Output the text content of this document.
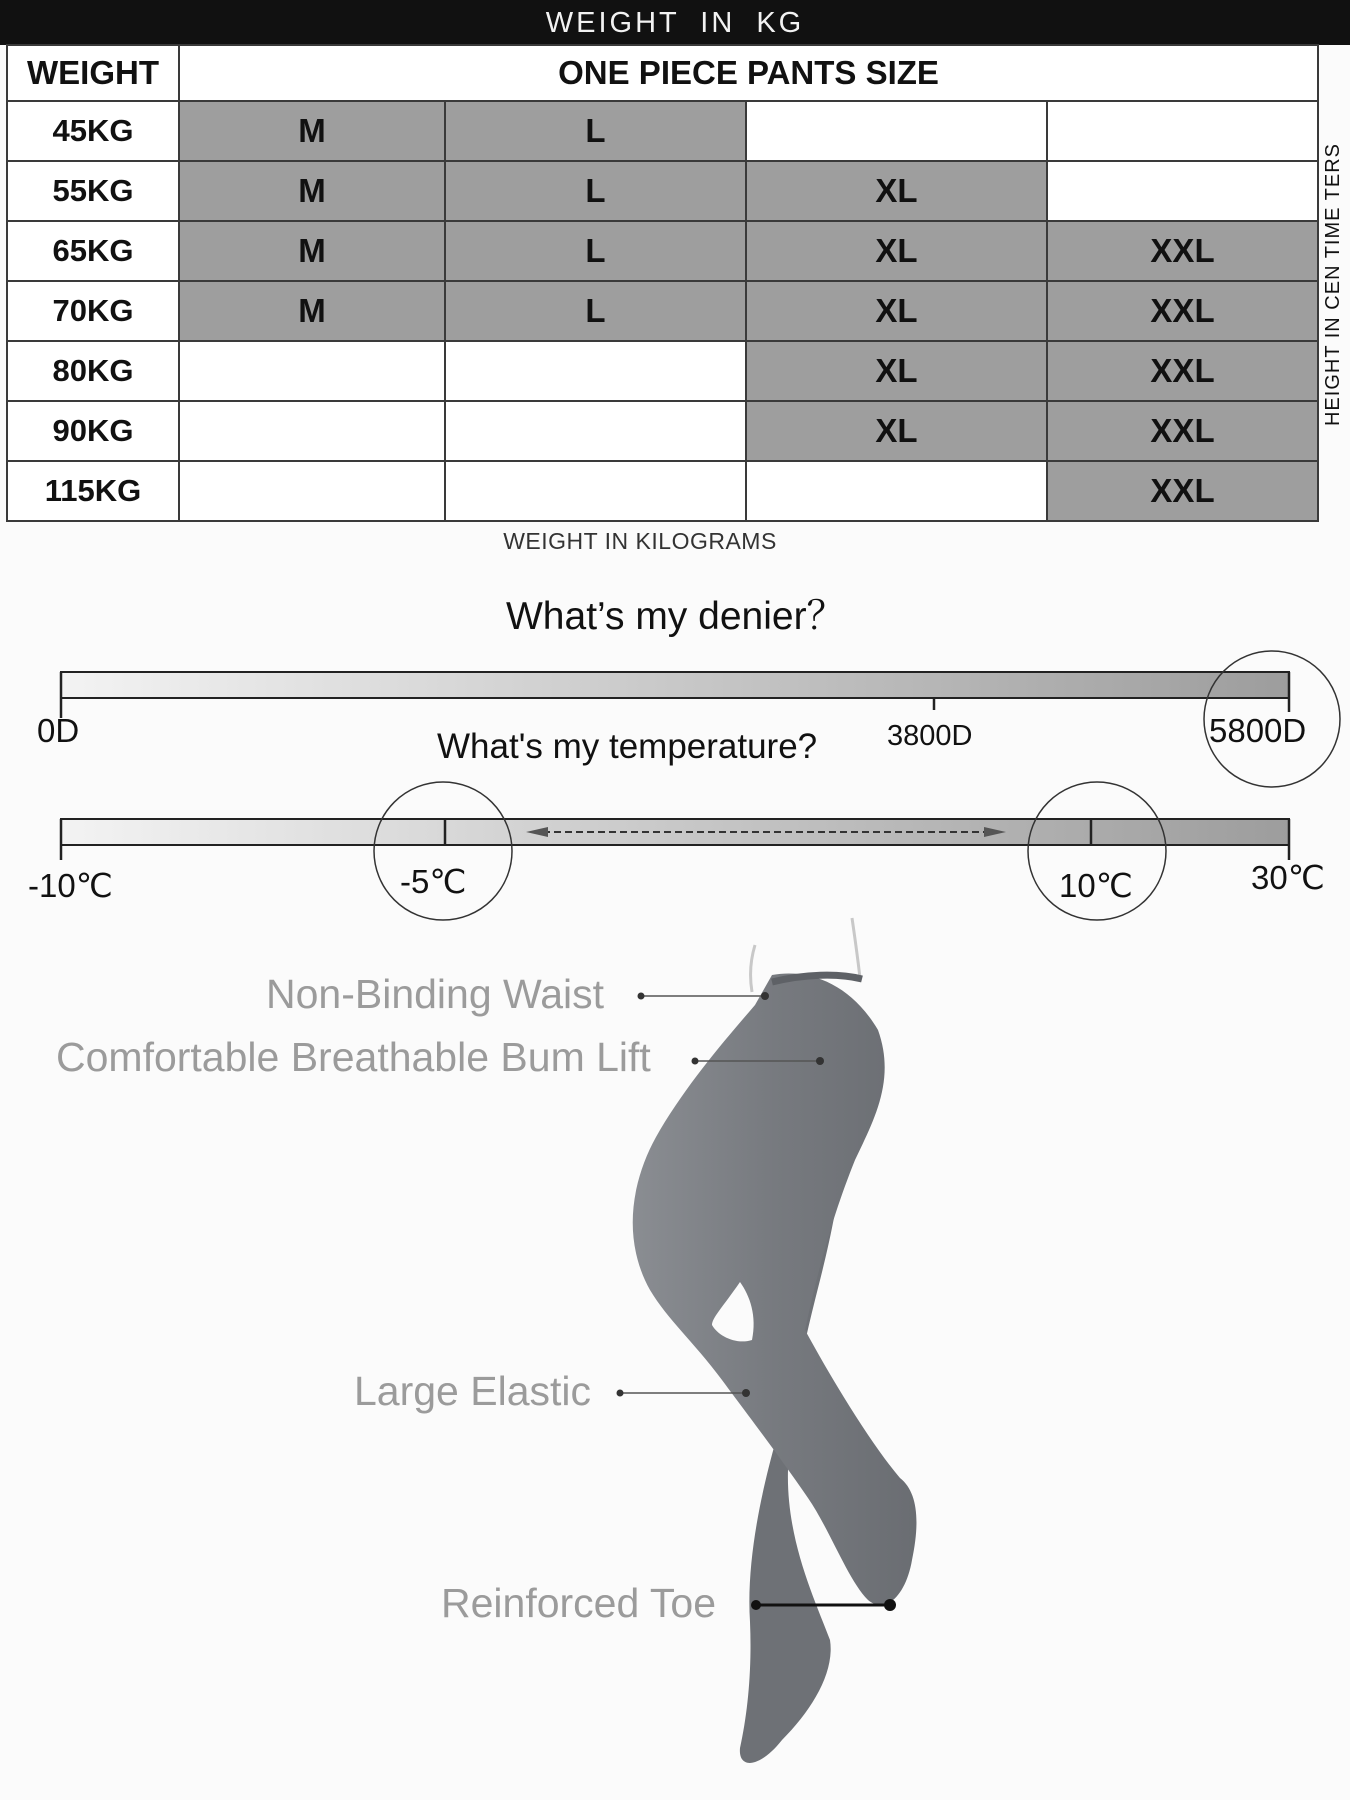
WEIGHT IN KG
WEIGHT	ONE PIECE PANTS SIZE			
45KG	M	L		
55KG	M	L	XL	
65KG	M	L	XL	XXL
70KG	M	L	XL	XXL
80KG			XL	XXL
90KG			XL	XXL
115KG				XXL
HEIGHT IN CEN TIME TERS
WEIGHT IN KILOGRAMS
What’s my denier？
0D	3800D	5800D
What's my temperature?
-10℃	-5℃	10℃	30℃
Non-Binding Waist
Comfortable Breathable Bum Lift
Large Elastic
Reinforced Toe
